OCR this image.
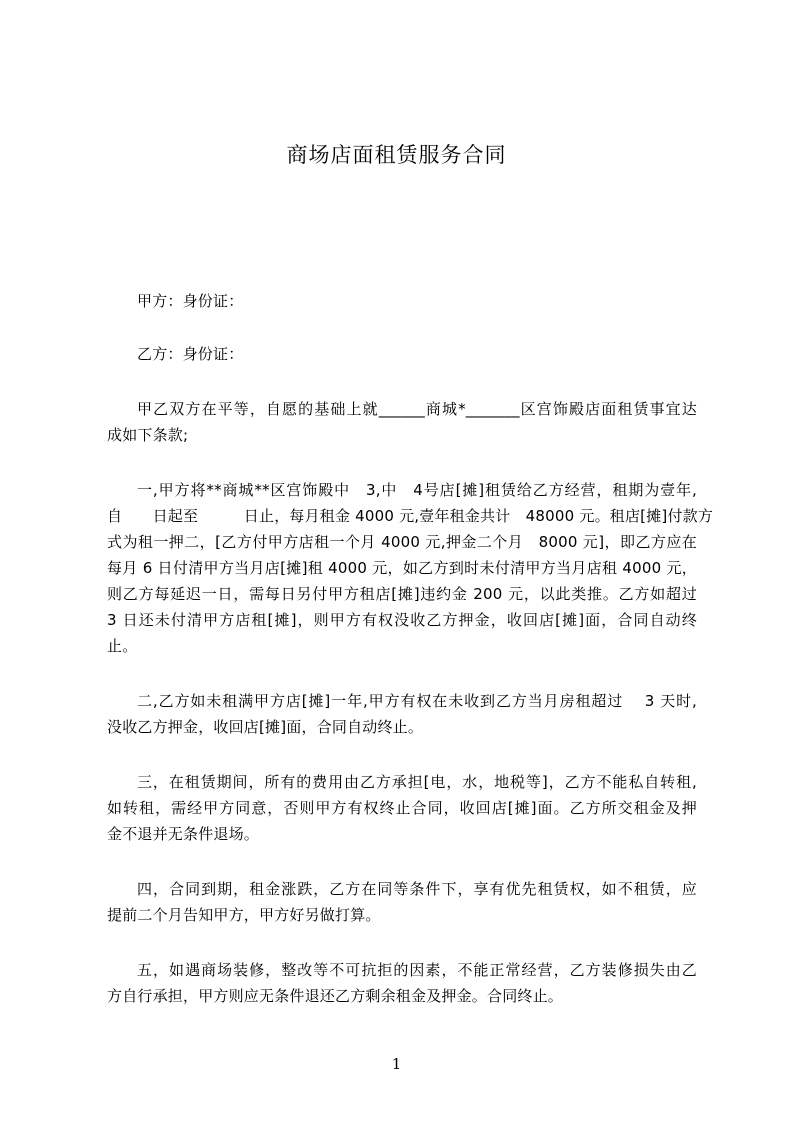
商场店面租赁服务合同
甲方：身份证：
乙方：身份证：
甲乙双方在平等，自愿的基础上就______商城*_______区宫饰殿店面租赁事宜达
成如下条款;
一,甲方将**商城**区宫饰殿中　3,中　4号店[摊]租赁给乙方经营，租期为壹年,
自　　日起至　　　日止，每月租金 4000 元,壹年租金共计　48000 元。租店[摊]付款方
式为租一押二，[乙方付甲方店租一个月 4000 元,押金二个月　8000 元]，即乙方应在
每月 6 日付清甲方当月店[摊]租 4000 元，如乙方到时未付清甲方当月店租 4000 元，
则乙方每延迟一日，需每日另付甲方租店[摊]违约金 200 元，以此类推。乙方如超过
3 日还未付清甲方店租[摊]，则甲方有权没收乙方押金，收回店[摊]面，合同自动终
止。
二,乙方如未租满甲方店[摊]一年,甲方有权在未收到乙方当月房租超过　 3 天时,
没收乙方押金，收回店[摊]面，合同自动终止。
三，在租赁期间，所有的费用由乙方承担[电，水，地税等]，乙方不能私自转租,
如转租，需经甲方同意，否则甲方有权终止合同，收回店[摊]面。乙方所交租金及押
金不退并无条件退场。
四，合同到期，租金涨跌，乙方在同等条件下，享有优先租赁权，如不租赁，应
提前二个月告知甲方，甲方好另做打算。
五，如遇商场装修，整改等不可抗拒的因素，不能正常经营，乙方装修损失由乙
方自行承担，甲方则应无条件退还乙方剩余租金及押金。合同终止。
1
